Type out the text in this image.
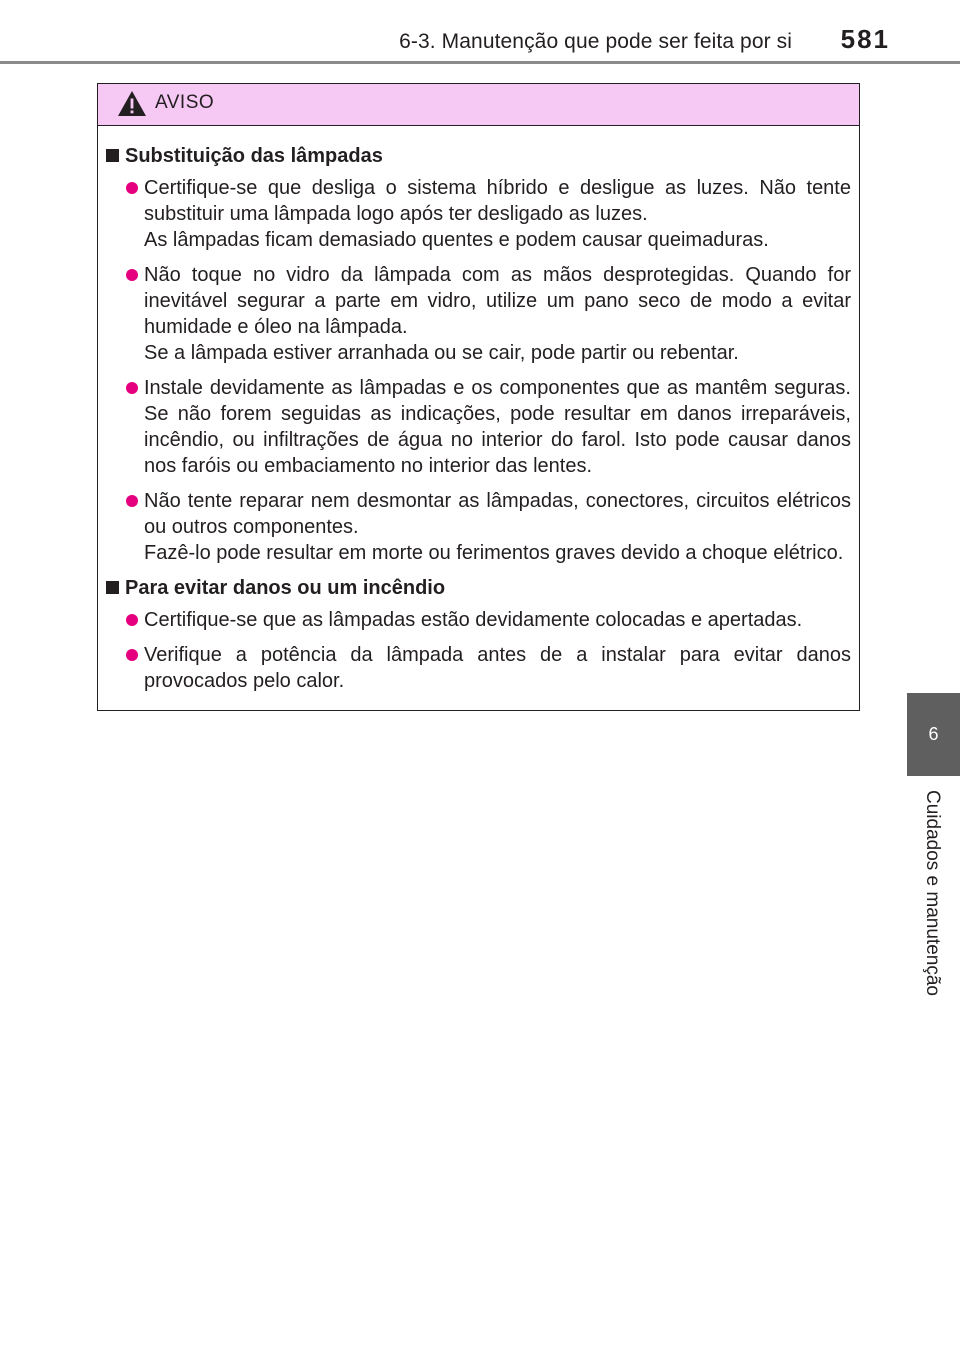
6-3. Manutenção que pode ser feita por si 581
6
Cuidados e manutenção
AVISO
Substituição das lâmpadas

Certifique-se que desliga o sistema híbrido e desligue as luzes. Não tente substituir uma lâmpada logo após ter desligado as luzes.

As lâmpadas ficam demasiado quentes e podem causar queimaduras.

Não toque no vidro da lâmpada com as mãos desprotegidas. Quando for inevitável segurar a parte em vidro, utilize um pano seco de modo a evitar humidade e óleo na lâmpada.

Se a lâmpada estiver arranhada ou se cair, pode partir ou rebentar.

Instale devidamente as lâmpadas e os componentes que as mantêm seguras. Se não forem seguidas as indicações, pode resultar em danos irreparáveis, incêndio, ou infiltrações de água no interior do farol. Isto pode causar danos nos faróis ou embaciamento no interior das lentes.

Não tente reparar nem desmontar as lâmpadas, conectores, circuitos elétricos ou outros componentes.

Fazê-lo pode resultar em morte ou ferimentos graves devido a choque elétrico.

Para evitar danos ou um incêndio

Certifique-se que as lâmpadas estão devidamente colocadas e apertadas.

Verifique a potência da lâmpada antes de a instalar para evitar danos provocados pelo calor.
